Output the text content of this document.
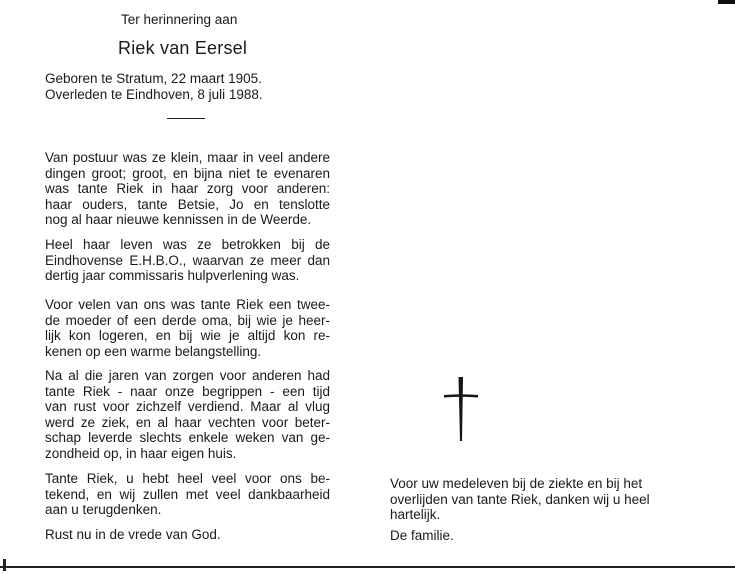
Ter herinnering aan
Riek van Eersel
Geboren te Stratum, 22 maart 1905.
Overleden te Eindhoven, 8 juli 1988.
Van postuur was ze klein, maar in veel andere
dingen groot; groot, en bijna niet te evenaren
was tante Riek in haar zorg voor anderen:
haar ouders, tante Betsie, Jo en tenslotte
nog al haar nieuwe kennissen in de Weerde.
Heel haar leven was ze betrokken bij de
Eindhovense E.H.B.O., waarvan ze meer dan
dertig jaar commissaris hulpverlening was.
Voor velen van ons was tante Riek een twee-
de moeder of een derde oma, bij wie je heer-
lijk kon logeren, en bij wie je altijd kon re-
kenen op een warme belangstelling.
Na al die jaren van zorgen voor anderen had
tante Riek - naar onze begrippen - een tijd
van rust voor zichzelf verdiend. Maar al vlug
werd ze ziek, en al haar vechten voor beter-
schap leverde slechts enkele weken van ge-
zondheid op, in haar eigen huis.
Tante Riek, u hebt heel veel voor ons be-
tekend, en wij zullen met veel dankbaarheid
aan u terugdenken.
Rust nu in de vrede van God.
Voor uw medeleven bij de ziekte en bij het
overlijden van tante Riek, danken wij u heel
hartelijk.
De familie.
